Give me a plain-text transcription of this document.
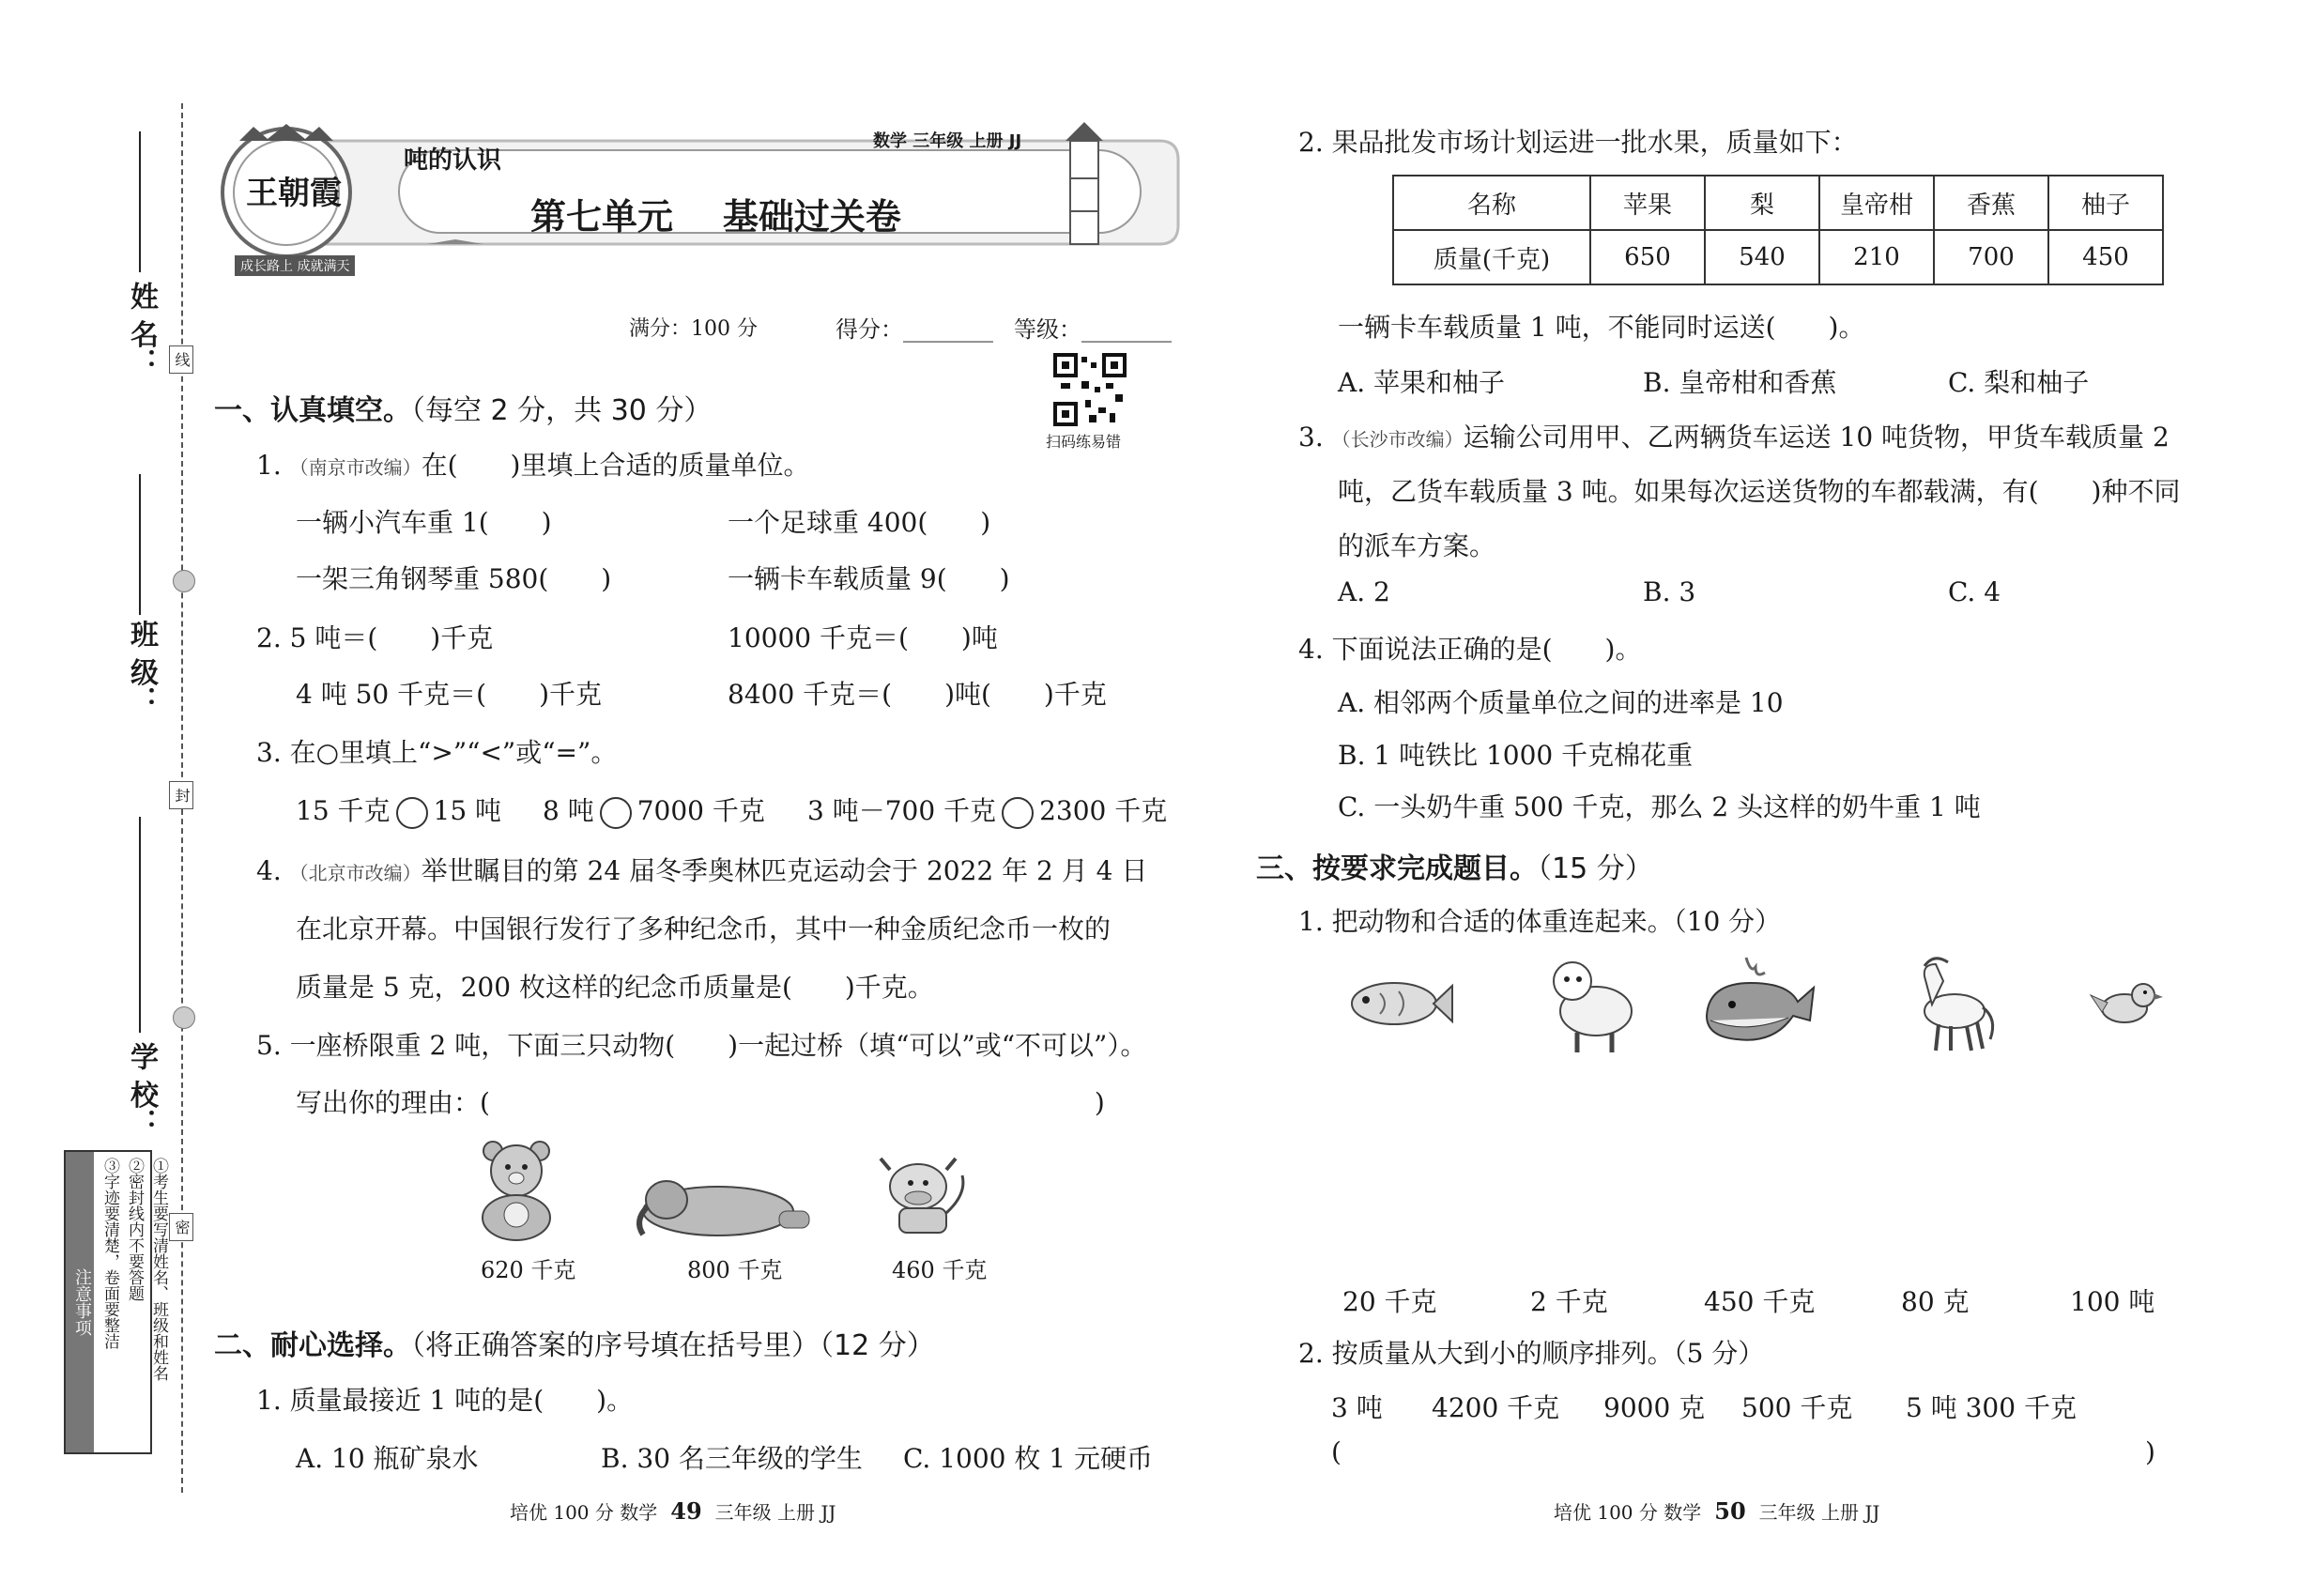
姓 名：
班 级：
学 校：
线
封
密
注意事项	①考生要写清姓名、班级和姓名
②密封线内不要答题
③字迹要清楚，卷面要整洁
王朝霞
成长路上 成就满天
吨的认识
数学 三年级 上册 JJ
第七单元    基础过关卷
满分：100 分	得分：________ 等级：________
扫码练易错
一、认真填空。（每空 2 分，共 30 分）
1. （南京市改编）在(　　)里填上合适的质量单位。
一辆小汽车重 1(　　)	一个足球重 400(　　)
一架三角钢琴重 580(　　)	一辆卡车载质量 9(　　)
2. 5 吨＝(　　)千克	10000 千克＝(　　)吨
4 吨 50 千克＝(　　)千克	8400 千克＝(　　)吨(　　)千克
3. 在○里填上“>”“<”或“=”。
15 千克 15 吨 8 吨 7000 千克 3 吨－700 千克 2300 千克
4. （北京市改编）举世瞩目的第 24 届冬季奥林匹克运动会于 2022 年 2 月 4 日
在北京开幕。中国银行发行了多种纪念币，其中一种金质纪念币一枚的
质量是 5 克，200 枚这样的纪念币质量是(　　)千克。
5. 一座桥限重 2 吨，下面三只动物(　　)一起过桥（填“可以”或“不可以”）。
写出你的理由：(　　　　　　　　　　　　　　　　　　　　　　　)
620 千克	800 千克	460 千克
二、耐心选择。（将正确答案的序号填在括号里）（12 分）
1. 质量最接近 1 吨的是(　　)。
A. 10 瓶矿泉水	B. 30 名三年级的学生 C. 1000 枚 1 元硬币
培优 100 分 数学 49 三年级 上册 JJ
2. 果品批发市场计划运进一批水果，质量如下：
名称	苹果	梨	皇帝柑	香蕉	柚子
质量(千克)	650	540	210	700	450
一辆卡车载质量 1 吨，不能同时运送(　　)。
A. 苹果和柚子	B. 皇帝柑和香蕉	C. 梨和柚子
3. （长沙市改编）运输公司用甲、乙两辆货车运送 10 吨货物，甲货车载质量 2
吨，乙货车载质量 3 吨。如果每次运送货物的车都载满，有(　　)种不同
的派车方案。
A. 2	B. 3	C. 4
4. 下面说法正确的是(　　)。
A. 相邻两个质量单位之间的进率是 10
B. 1 吨铁比 1000 千克棉花重
C. 一头奶牛重 500 千克，那么 2 头这样的奶牛重 1 吨
三、按要求完成题目。（15 分）
1. 把动物和合适的体重连起来。（10 分）
20 千克	2 千克	450 千克	80 克	100 吨
2. 按质量从大到小的顺序排列。（5 分）
3 吨 4200 千克 9000 克 500 千克 5 吨 300 千克
(	)
培优 100 分 数学 50 三年级 上册 JJ
